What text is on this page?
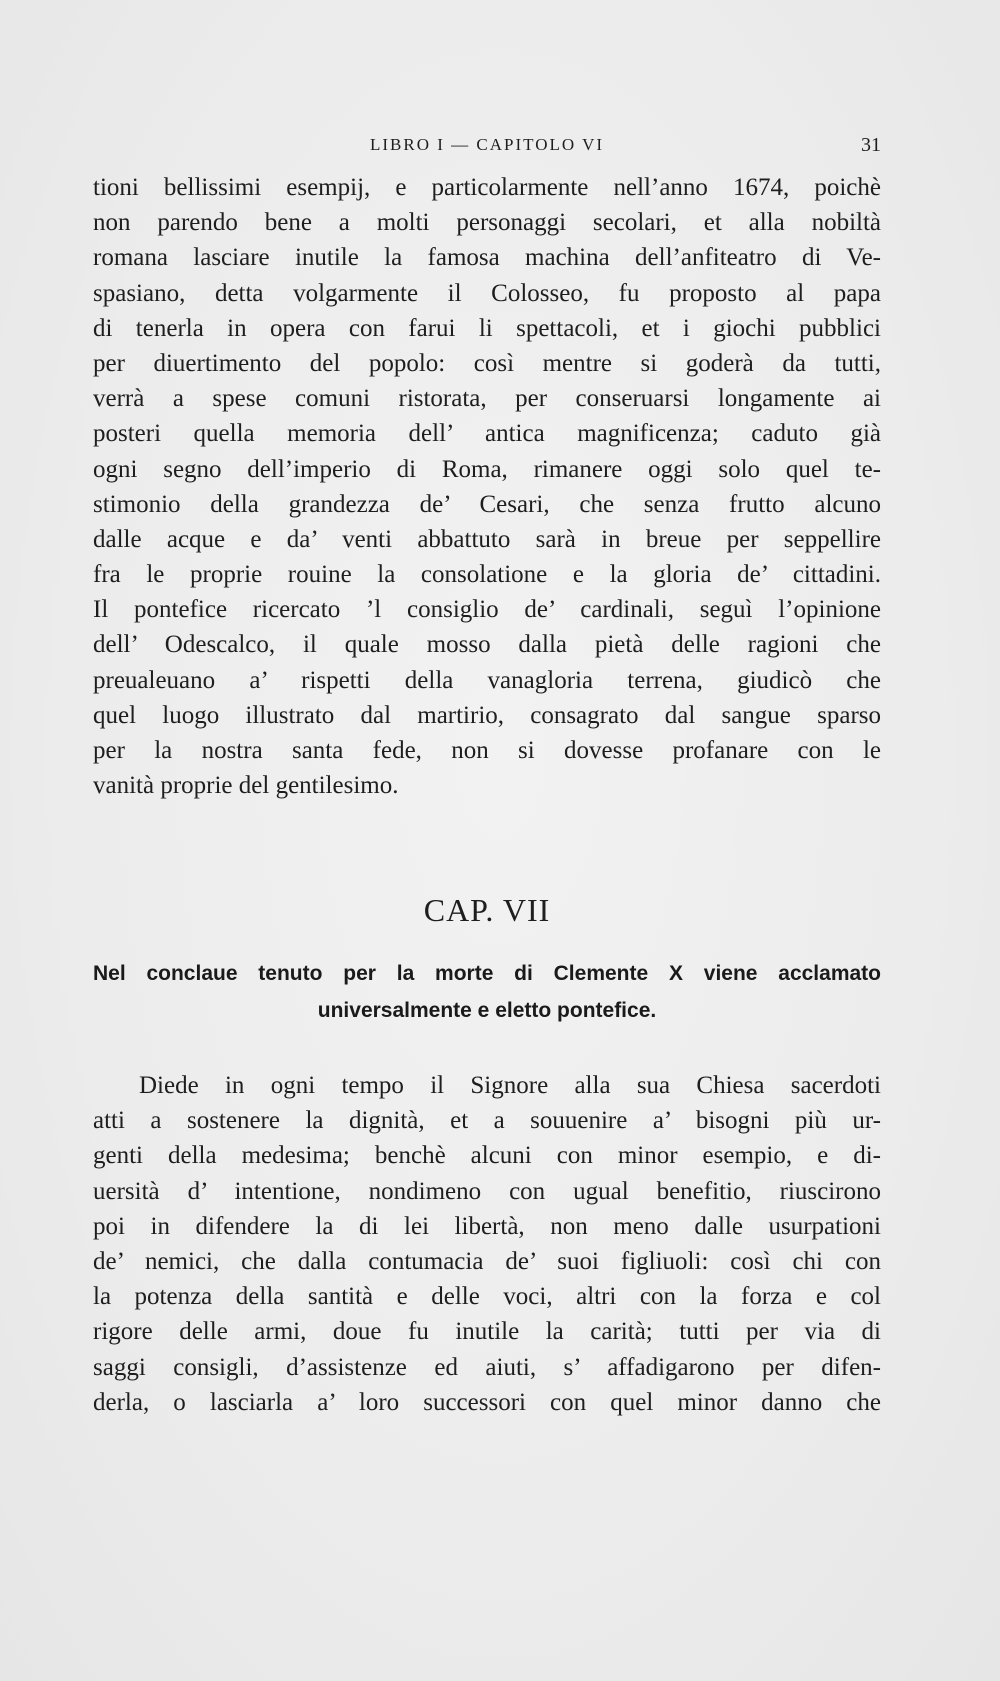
LIBRO I — CAPITOLO VI	31
tioni bellissimi esempij, e particolarmente nell’anno 1674, poichè
non parendo bene a molti personaggi secolari, et alla nobiltà
romana lasciare inutile la famosa machina dell’anfiteatro di Ve-
spasiano, detta volgarmente il Colosseo, fu proposto al papa
di tenerla in opera con farui li spettacoli, et i giochi pubblici
per diuertimento del popolo: così mentre si goderà da tutti,
verrà a spese comuni ristorata, per conseruarsi longamente ai
posteri quella memoria dell’ antica magnificenza; caduto già
ogni segno dell’imperio di Roma, rimanere oggi solo quel te-
stimonio della grandezza de’ Cesari, che senza frutto alcuno
dalle acque e da’ venti abbattuto sarà in breue per seppellire
fra le proprie rouine la consolatione e la gloria de’ cittadini.
Il pontefice ricercato ’l consiglio de’ cardinali, seguì l’opinione
dell’ Odescalco, il quale mosso dalla pietà delle ragioni che
preualeuano a’ rispetti della vanagloria terrena, giudicò che
quel luogo illustrato dal martirio, consagrato dal sangue sparso
per la nostra santa fede, non si dovesse profanare con le
vanità proprie del gentilesimo.
CAP. VII
Nel conclaue tenuto per la morte di Clemente X viene acclamato
universalmente e eletto pontefice.
Diede in ogni tempo il Signore alla sua Chiesa sacerdoti
atti a sostenere la dignità, et a souuenire a’ bisogni più ur-
genti della medesima; benchè alcuni con minor esempio, e di-
uersità d’ intentione, nondimeno con ugual benefitio, riuscirono
poi in difendere la di lei libertà, non meno dalle usurpationi
de’ nemici, che dalla contumacia de’ suoi figliuoli: così chi con
la potenza della santità e delle voci, altri con la forza e col
rigore delle armi, doue fu inutile la carità; tutti per via di
saggi consigli, d’assistenze ed aiuti, s’ affadigarono per difen-
derla, o lasciarla a’ loro successori con quel minor danno che
